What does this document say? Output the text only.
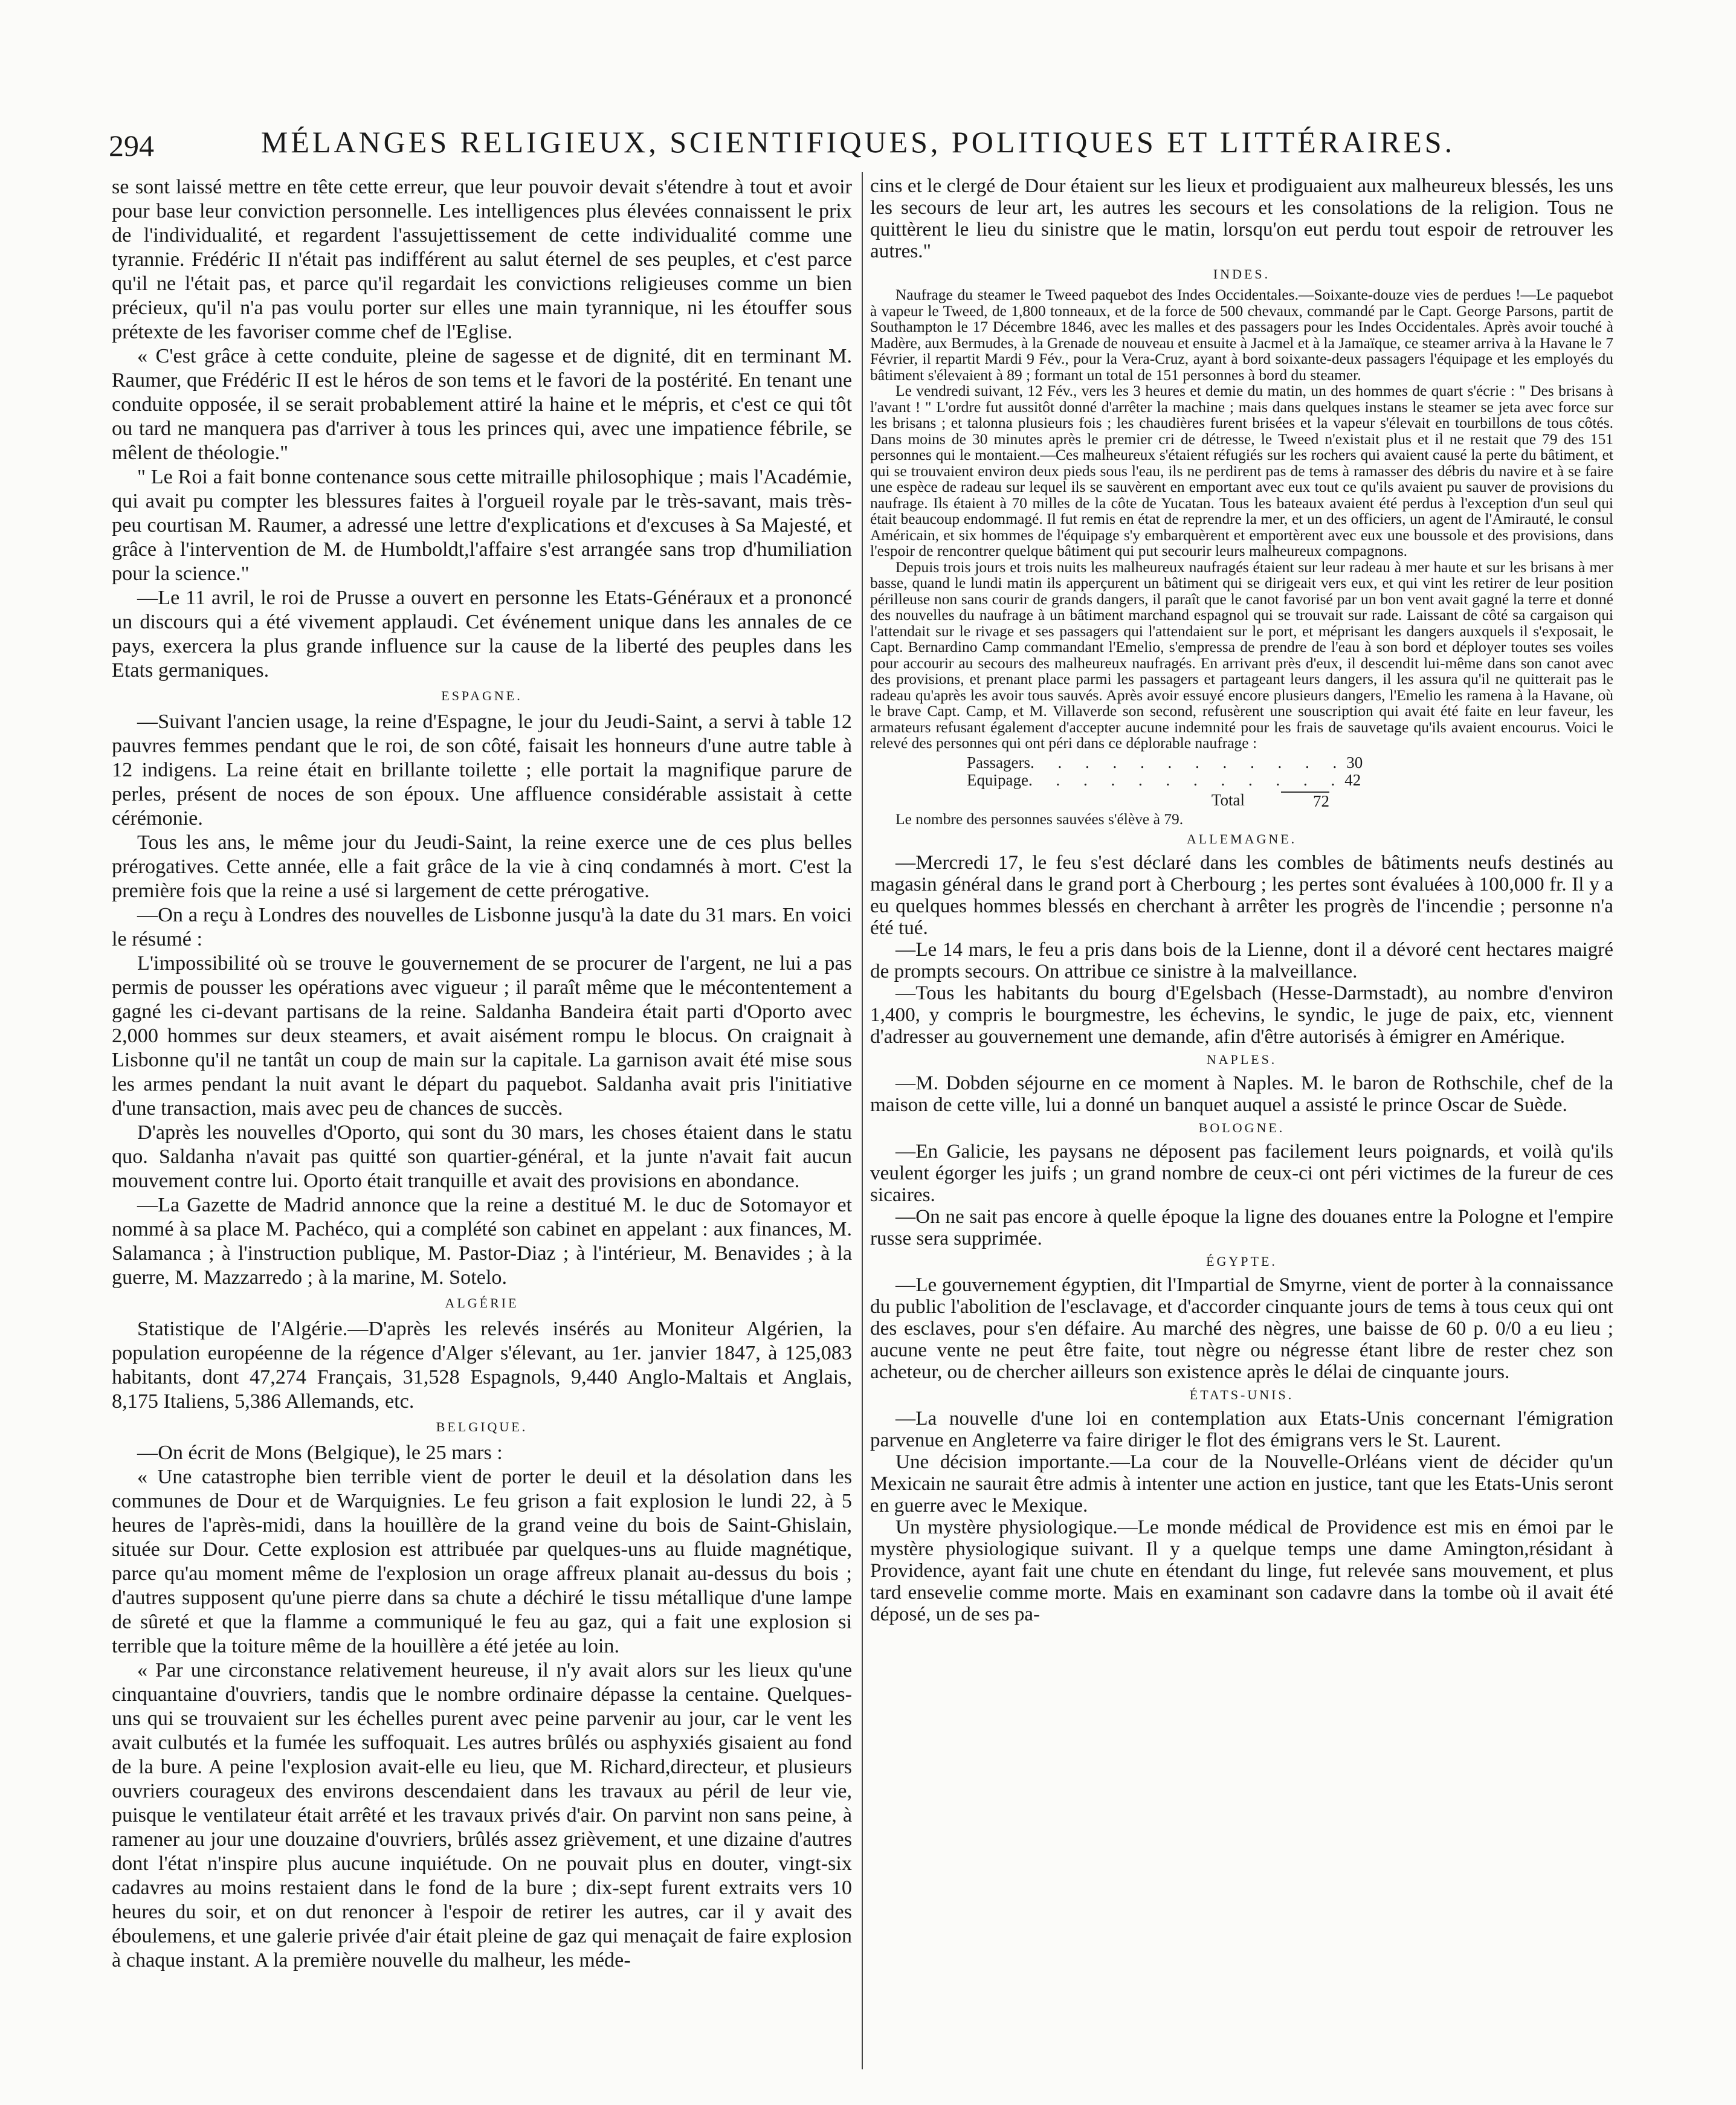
294	MÉLANGES RELIGIEUX, SCIENTIFIQUES, POLITIQUES ET LITTÉRAIRES.

se sont laissé mettre en tête cette erreur, que leur pouvoir devait s'étendre à tout et avoir pour base leur conviction personnelle. Les intelligences plus élevées connaissent le prix de l'individualité, et regardent l'assujettissement de cette individualité comme une tyrannie. Frédéric II n'était pas indifférent au salut éternel de ses peuples, et c'est parce qu'il ne l'était pas, et parce qu'il regardait les convictions religieuses comme un bien précieux, qu'il n'a pas voulu porter sur elles une main tyrannique, ni les étouffer sous prétexte de les favoriser comme chef de l'Eglise.

« C'est grâce à cette conduite, pleine de sagesse et de dignité, dit en terminant M. Raumer, que Frédéric II est le héros de son tems et le favori de la postérité. En tenant une conduite opposée, il se serait probablement attiré la haine et le mépris, et c'est ce qui tôt ou tard ne manquera pas d'arriver à tous les princes qui, avec une impatience fébrile, se mêlent de théologie."

" Le Roi a fait bonne contenance sous cette mitraille philosophique ; mais l'Académie, qui avait pu compter les blessures faites à l'orgueil royale par le très-savant, mais très-peu courtisan M. Raumer, a adressé une lettre d'explications et d'excuses à Sa Majesté, et grâce à l'intervention de M. de Humboldt,l'affaire s'est arrangée sans trop d'humiliation pour la science."

—Le 11 avril, le roi de Prusse a ouvert en personne les Etats-Généraux et a prononcé un discours qui a été vivement applaudi. Cet événement unique dans les annales de ce pays, exercera la plus grande influence sur la cause de la liberté des peuples dans les Etats germaniques.

ESPAGNE.

—Suivant l'ancien usage, la reine d'Espagne, le jour du Jeudi-Saint, a servi à table 12 pauvres femmes pendant que le roi, de son côté, faisait les honneurs d'une autre table à 12 indigens. La reine était en brillante toilette ; elle portait la magnifique parure de perles, présent de noces de son époux. Une affluence considérable assistait à cette cérémonie.

Tous les ans, le même jour du Jeudi-Saint, la reine exerce une de ces plus belles prérogatives. Cette année, elle a fait grâce de la vie à cinq condamnés à mort. C'est la première fois que la reine a usé si largement de cette prérogative.

—On a reçu à Londres des nouvelles de Lisbonne jusqu'à la date du 31 mars. En voici le résumé :

L'impossibilité où se trouve le gouvernement de se procurer de l'argent, ne lui a pas permis de pousser les opérations avec vigueur ; il paraît même que le mécontentement a gagné les ci-devant partisans de la reine. Saldanha Bandeira était parti d'Oporto avec 2,000 hommes sur deux steamers, et avait aisément rompu le blocus. On craignait à Lisbonne qu'il ne tantât un coup de main sur la capitale. La garnison avait été mise sous les armes pendant la nuit avant le départ du paquebot. Saldanha avait pris l'initiative d'une transaction, mais avec peu de chances de succès.

D'après les nouvelles d'Oporto, qui sont du 30 mars, les choses étaient dans le statu quo. Saldanha n'avait pas quitté son quartier-général, et la junte n'avait fait aucun mouvement contre lui. Oporto était tranquille et avait des provisions en abondance.

—La Gazette de Madrid annonce que la reine a destitué M. le duc de Sotomayor et nommé à sa place M. Pachéco, qui a complété son cabinet en appelant : aux finances, M. Salamanca ; à l'instruction publique, M. Pastor-Diaz ; à l'intérieur, M. Benavides ; à la guerre, M. Mazzarredo ; à la marine, M. Sotelo.

ALGÉRIE

Statistique de l'Algérie.—D'après les relevés insérés au Moniteur Algérien, la population européenne de la régence d'Alger s'élevant, au 1er. janvier 1847, à 125,083 habitants, dont 47,274 Français, 31,528 Espagnols, 9,440 Anglo-Maltais et Anglais, 8,175 Italiens, 5,386 Allemands, etc.

BELGIQUE.

—On écrit de Mons (Belgique), le 25 mars :

« Une catastrophe bien terrible vient de porter le deuil et la désolation dans les communes de Dour et de Warquignies. Le feu grison a fait explosion le lundi 22, à 5 heures de l'après-midi, dans la houillère de la grand veine du bois de Saint-Ghislain, située sur Dour. Cette explosion est attribuée par quelques-uns au fluide magnétique, parce qu'au moment même de l'explosion un orage affreux planait au-dessus du bois ; d'autres supposent qu'une pierre dans sa chute a déchiré le tissu métallique d'une lampe de sûreté et que la flamme a communiqué le feu au gaz, qui a fait une explosion si terrible que la toiture même de la houillère a été jetée au loin.

« Par une circonstance relativement heureuse, il n'y avait alors sur les lieux qu'une cinquantaine d'ouvriers, tandis que le nombre ordinaire dépasse la centaine. Quelques-uns qui se trouvaient sur les échelles purent avec peine parvenir au jour, car le vent les avait culbutés et la fumée les suffoquait. Les autres brûlés ou asphyxiés gisaient au fond de la bure. A peine l'explosion avait-elle eu lieu, que M. Richard,directeur, et plusieurs ouvriers courageux des environs descendaient dans les travaux au péril de leur vie, puisque le ventilateur était arrêté et les travaux privés d'air. On parvint non sans peine, à ramener au jour une douzaine d'ouvriers, brûlés assez grièvement, et une dizaine d'autres dont l'état n'inspire plus aucune inquiétude. On ne pouvait plus en douter, vingt-six cadavres au moins restaient dans le fond de la bure ; dix-sept furent extraits vers 10 heures du soir, et on dut renoncer à l'espoir de retirer les autres, car il y avait des éboulemens, et une galerie privée d'air était pleine de gaz qui menaçait de faire explosion à chaque instant. A la première nouvelle du malheur, les méde-

cins et le clergé de Dour étaient sur les lieux et prodiguaient aux malheureux blessés, les uns les secours de leur art, les autres les secours et les consolations de la religion. Tous ne quittèrent le lieu du sinistre que le matin, lorsqu'on eut perdu tout espoir de retrouver les autres."

INDES.

Naufrage du steamer le Tweed paquebot des Indes Occidentales.—Soixante-douze vies de perdues !—Le paquebot à vapeur le Tweed, de 1,800 tonneaux, et de la force de 500 chevaux, commandé par le Capt. George Parsons, partit de Southampton le 17 Décembre 1846, avec les malles et des passagers pour les Indes Occidentales. Après avoir touché à Madère, aux Bermudes, à la Grenade de nouveau et ensuite à Jacmel et à la Jamaïque, ce steamer arriva à la Havane le 7 Février, il repartit Mardi 9 Fév., pour la Vera-Cruz, ayant à bord soixante-deux passagers l'équipage et les employés du bâtiment s'élevaient à 89 ; formant un total de 151 personnes à bord du steamer.

Le vendredi suivant, 12 Fév., vers les 3 heures et demie du matin, un des hommes de quart s'écrie : " Des brisans à l'avant ! " L'ordre fut aussitôt donné d'arrêter la machine ; mais dans quelques instans le steamer se jeta avec force sur les brisans ; et talonna plusieurs fois ; les chaudières furent brisées et la vapeur s'élevait en tourbillons de tous côtés. Dans moins de 30 minutes après le premier cri de détresse, le Tweed n'existait plus et il ne restait que 79 des 151 personnes qui le montaient.—Ces malheureux s'étaient réfugiés sur les rochers qui avaient causé la perte du bâtiment, et qui se trouvaient environ deux pieds sous l'eau, ils ne perdirent pas de tems à ramasser des débris du navire et à se faire une espèce de radeau sur lequel ils se sauvèrent en emportant avec eux tout ce qu'ils avaient pu sauver de provisions du naufrage. Ils étaient à 70 milles de la côte de Yucatan. Tous les bateaux avaient été perdus à l'exception d'un seul qui était beaucoup endommagé. Il fut remis en état de reprendre la mer, et un des officiers, un agent de l'Amirauté, le consul Américain, et six hommes de l'équipage s'y embarquèrent et emportèrent avec eux une boussole et des provisions, dans l'espoir de rencontrer quelque bâtiment qui put secourir leurs malheureux compagnons.

Depuis trois jours et trois nuits les malheureux naufragés étaient sur leur radeau à mer haute et sur les brisans à mer basse, quand le lundi matin ils apperçurent un bâtiment qui se dirigeait vers eux, et qui vint les retirer de leur position périlleuse non sans courir de grands dangers, il paraît que le canot favorisé par un bon vent avait gagné la terre et donné des nouvelles du naufrage à un bâtiment marchand espagnol qui se trouvait sur rade. Laissant de côté sa cargaison qui l'attendait sur le rivage et ses passagers qui l'attendaient sur le port, et méprisant les dangers auxquels il s'exposait, le Capt. Bernardino Camp commandant l'Emelio, s'empressa de prendre de l'eau à son bord et déployer toutes ses voiles pour accourir au secours des malheureux naufragés. En arrivant près d'eux, il descendit lui-même dans son canot avec des provisions, et prenant place parmi les passagers et partageant leurs dangers, il les assura qu'il ne quitterait pas le radeau qu'après les avoir tous sauvés. Après avoir essuyé encore plusieurs dangers, l'Emelio les ramena à la Havane, où le brave Capt. Camp, et M. Villaverde son second, refusèrent une souscription qui avait été faite en leur faveur, les armateurs refusant également d'accepter aucune indemnité pour les frais de sauvetage qu'ils avaient encourus. Voici le relevé des personnes qui ont péri dans ce déplorable naufrage :

Passagers . . . . . . . . . . . . 30
Equipage . . . . . . . . . . . . 42
Total	72

Le nombre des personnes sauvées s'élève à 79.

ALLEMAGNE.

—Mercredi 17, le feu s'est déclaré dans les combles de bâtiments neufs destinés au magasin général dans le grand port à Cherbourg ; les pertes sont évaluées à 100,000 fr. Il y a eu quelques hommes blessés en cherchant à arrêter les progrès de l'incendie ; personne n'a été tué.

—Le 14 mars, le feu a pris dans bois de la Lienne, dont il a dévoré cent hectares maigré de prompts secours. On attribue ce sinistre à la malveillance.

—Tous les habitants du bourg d'Egelsbach (Hesse-Darmstadt), au nombre d'environ 1,400, y compris le bourgmestre, les échevins, le syndic, le juge de paix, etc, viennent d'adresser au gouvernement une demande, afin d'être autorisés à émigrer en Amérique.

NAPLES.

—M. Dobden séjourne en ce moment à Naples. M. le baron de Rothschile, chef de la maison de cette ville, lui a donné un banquet auquel a assisté le prince Oscar de Suède.

BOLOGNE.

—En Galicie, les paysans ne déposent pas facilement leurs poignards, et voilà qu'ils veulent égorger les juifs ; un grand nombre de ceux-ci ont péri victimes de la fureur de ces sicaires.

—On ne sait pas encore à quelle époque la ligne des douanes entre la Pologne et l'empire russe sera supprimée.

ÉGYPTE.

—Le gouvernement égyptien, dit l'Impartial de Smyrne, vient de porter à la connaissance du public l'abolition de l'esclavage, et d'accorder cinquante jours de tems à tous ceux qui ont des esclaves, pour s'en défaire. Au marché des nègres, une baisse de 60 p. 0/0 a eu lieu ; aucune vente ne peut être faite, tout nègre ou négresse étant libre de rester chez son acheteur, ou de chercher ailleurs son existence après le délai de cinquante jours.

ÉTATS-UNIS.

—La nouvelle d'une loi en contemplation aux Etats-Unis concernant l'émigration parvenue en Angleterre va faire diriger le flot des émigrans vers le St. Laurent.

Une décision importante.—La cour de la Nouvelle-Orléans vient de décider qu'un Mexicain ne saurait être admis à intenter une action en justice, tant que les Etats-Unis seront en guerre avec le Mexique.

Un mystère physiologique.—Le monde médical de Providence est mis en émoi par le mystère physiologique suivant. Il y a quelque temps une dame Amington,résidant à Providence, ayant fait une chute en étendant du linge, fut relevée sans mouvement, et plus tard ensevelie comme morte. Mais en examinant son cadavre dans la tombe où il avait été déposé, un de ses pa-
